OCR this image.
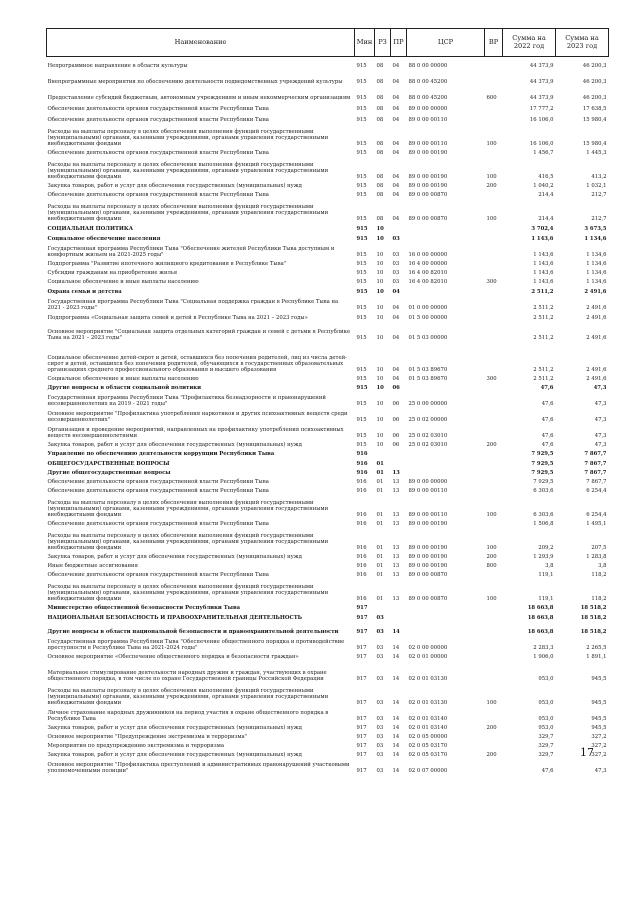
Наименование	Мин	РЗ	ПР	ЦСР	ВР	Сумма на 2022 год	Сумма на 2023 год
Непрограммное направление в области культуры	915	08	04	88 0 00 00000		44 373,9	46 200,3
Внепрограммные мероприятия по обеспечению деятельности подведомственных учреждений культуры	915	08	04	88 0 00 45200		44 373,9	46 200,3
Предоставление субсидий бюджетным, автономным учреждениям и иным некоммерческим организациям	915	08	04	88 0 00 45200	600	44 373,9	46 200,3
Обеспечение деятельности органов государственной власти Республики Тыва	915	08	04	89 0 00 00000		17 777,2	17 638,5
Обеспечение деятельности органов государственной власти Республики Тыва	915	08	04	89 0 00 00110		16 106,0	15 980,4
Расходы на выплаты персоналу в целях обеспечения выполнения функций государственными (муниципальными) органами, казенными учреждениями, органами управления государственными внебюджетными фондами	915	08	04	89 0 00 00110	100	16 106,0	15 980,4
Обеспечение деятельности органов государственной власти Республики Тыва	915	08	04	89 0 00 00190		1 456,7	1 445,3
Расходы на выплаты персоналу в целях обеспечения выполнения функций государственными (муниципальными) органами, казенными учреждениями, органами управления государственными внебюджетными фондами	915	08	04	89 0 00 00190	100	416,5	413,2
Закупка товаров, работ и услуг для обеспечения государственных (муниципальных) нужд	915	08	04	89 0 00 00190	200	1 040,2	1 032,1
Обеспечение деятельности органов государственной власти Республики Тыва	915	08	04	89 0 00 00870		214,4	212,7
Расходы на выплаты персоналу в целях обеспечения выполнения функций государственными (муниципальными) органами, казенными учреждениями, органами управления государственными внебюджетными фондами	915	08	04	89 0 00 00870	100	214,4	212,7
СОЦИАЛЬНАЯ ПОЛИТИКА	915	10				3 702,4	3 673,5
Социальное обеспечение населения	915	10	03			1 143,6	1 134,6
Государственная программа Республики Тыва "Обеспечение жителей Республики Тыва доступным и комфортным жильем на 2021-2025 годы"	915	10	03	16 0 00 00000		1 143,6	1 134,6
Подпрограмма "Развитие ипотечного жилищного кредитования в Республике Тыва"	915	10	03	16 4 00 00000		1 143,6	1 134,6
Субсидии гражданам на приобретение жилья	915	10	03	16 4 00 82010		1 143,6	1 134,6
Социальное обеспечение и иные выплаты населению	915	10	03	16 4 00 82010	300	1 143,6	1 134,6
Охрана семьи и детства	915	10	04			2 511,2	2 491,6
Государственная программа Республики Тыва "Социальная поддержка граждан в Республике Тыва на 2021 - 2023 годы"	915	10	04	01 0 00 00000		2 511,2	2 491,6
Подпрограмма «Социальная защита семей и детей в Республике Тыва на 2021 – 2023 годы»	915	10	04	01 5 00 00000		2 511,2	2 491,6
Основное мероприятие "Социальная защита отдельных категорий граждан и семей с детьми в Республике Тыва на 2021 – 2023 годы"	915	10	04	01 5 03 00000		2 511,2	2 491,6
Социальное обеспечение детей-сирот и детей, оставшихся без попечения родителей, лиц из числа детей-сирот и детей, оставшихся без попечения родителей, обучающихся в государственных образовательных организациях среднего профессионального образования и высшего образования	915	10	04	01 5 03 89670		2 511,2	2 491,6
Социальное обеспечение и иные выплаты населению	915	10	04	01 5 03 89670	300	2 511,2	2 491,6
Другие вопросы в области социальной политики	915	10	06			47,6	47,3
Государственная программа Республики Тыва "Профилактика безнадзорности и правонарушений несовершеннолетних на 2019 - 2021 годы"	915	10	06	25 0 00 00000		47,6	47,3
Основное мероприятие "Профилактика употребления наркотиков и других психоактивных веществ среди несовершеннолетних"	915	10	06	25 0 02 00000		47,6	47,3
Организация и проведение мероприятий, направленных на профилактику употребления психоактивных веществ несовершеннолетними	915	10	06	25 0 02 03010		47,6	47,3
Закупка товаров, работ и услуг для обеспечения государственных (муниципальных) нужд	915	10	06	25 0 02 03010	200	47,6	47,3
Управление по обеспечению деятельности коррупции Республики Тыва	916					7 929,5	7 867,7
ОБЩЕГОСУДАРСТВЕННЫЕ ВОПРОСЫ	916	01				7 929,5	7 867,7
Другие общегосударственные вопросы	916	01	13			7 929,5	7 867,7
Обеспечение деятельности органов государственной власти Республики Тыва	916	01	13	89 0 00 00000		7 929,5	7 867,7
Обеспечение деятельности органов государственной власти Республики Тыва	916	01	13	89 0 00 00110		6 303,6	6 254,4
Расходы на выплаты персоналу в целях обеспечения выполнения функций государственными (муниципальными) органами, казенными учреждениями, органами управления государственными внебюджетными фондами	916	01	13	89 0 00 00110	100	6 303,6	6 254,4
Обеспечение деятельности органов государственной власти Республики Тыва	916	01	13	89 0 00 00190		1 506,8	1 495,1
Расходы на выплаты персоналу в целях обеспечения выполнения функций государственными (муниципальными) органами, казенными учреждениями, органами управления государственными внебюджетными фондами	916	01	13	89 0 00 00190	100	209,2	207,5
Закупка товаров, работ и услуг для обеспечения государственных (муниципальных) нужд	916	01	13	89 0 00 00190	200	1 293,9	1 283,8
Иные бюджетные ассигнования	916	01	13	89 0 00 00190	800	3,8	3,8
Обеспечение деятельности органов государственной власти Республики Тыва	916	01	13	89 0 00 00870		119,1	118,2
Расходы на выплаты персоналу в целях обеспечения выполнения функций государственными (муниципальными) органами, казенными учреждениями, органами управления государственными внебюджетными фондами	916	01	13	89 0 00 00870	100	119,1	118,2
Министерство общественной безопасности Республики Тыва	917					18 663,8	18 518,2
НАЦИОНАЛЬНАЯ БЕЗОПАСНОСТЬ И ПРАВООХРАНИТЕЛЬНАЯ ДЕЯТЕЛЬНОСТЬ	917	03				18 663,8	18 518,2
Другие вопросы в области национальной безопасности и правоохранительной деятельности	917	03	14			18 663,8	18 518,2
Государственная программа Республики Тыва "Обеспечение общественного порядка и противодействие преступности в Республике Тыва на 2021-2024 годы"	917	03	14	02 0 00 00000		2 283,3	2 265,5
Основное мероприятие «Обеспечение общественного порядка и безопасности граждан»	917	03	14	02 0 01 00000		1 906,0	1 891,1
Материальное стимулирование деятельности народных дружин и граждан, участвующих в охране общественного порядка, в том числе по охране Государственной границы Российской Федерации	917	03	14	02 0 01 03130		953,0	945,5
Расходы на выплаты персоналу в целях обеспечения выполнения функций государственными (муниципальными) органами, казенными учреждениями, органами управления государственными внебюджетными фондами	917	03	14	02 0 01 03130	100	953,0	945,5
Личное страхование народных дружинников на период участия в охране общественного порядка в Республике Тыва	917	03	14	02 0 01 03140		953,0	945,5
Закупка товаров, работ и услуг для обеспечения государственных (муниципальных) нужд	917	03	14	02 0 01 03140	200	953,0	945,5
Основное мероприятие "Предупреждение экстремизма и терроризма"	917	03	14	02 0 05 00000		329,7	327,2
Мероприятия по предупреждению экстремизма и терроризма	917	03	14	02 0 05 03170		329,7	327,2
Закупка товаров, работ и услуг для обеспечения государственных (муниципальных) нужд	917	03	14	02 0 05 03170	200	329,7	327,2
Основное мероприятие "Профилактика преступлений и административных правонарушений участковыми уполномоченными полиции"	917	03	14	02 0 07 00000		47,6	47,3
17
